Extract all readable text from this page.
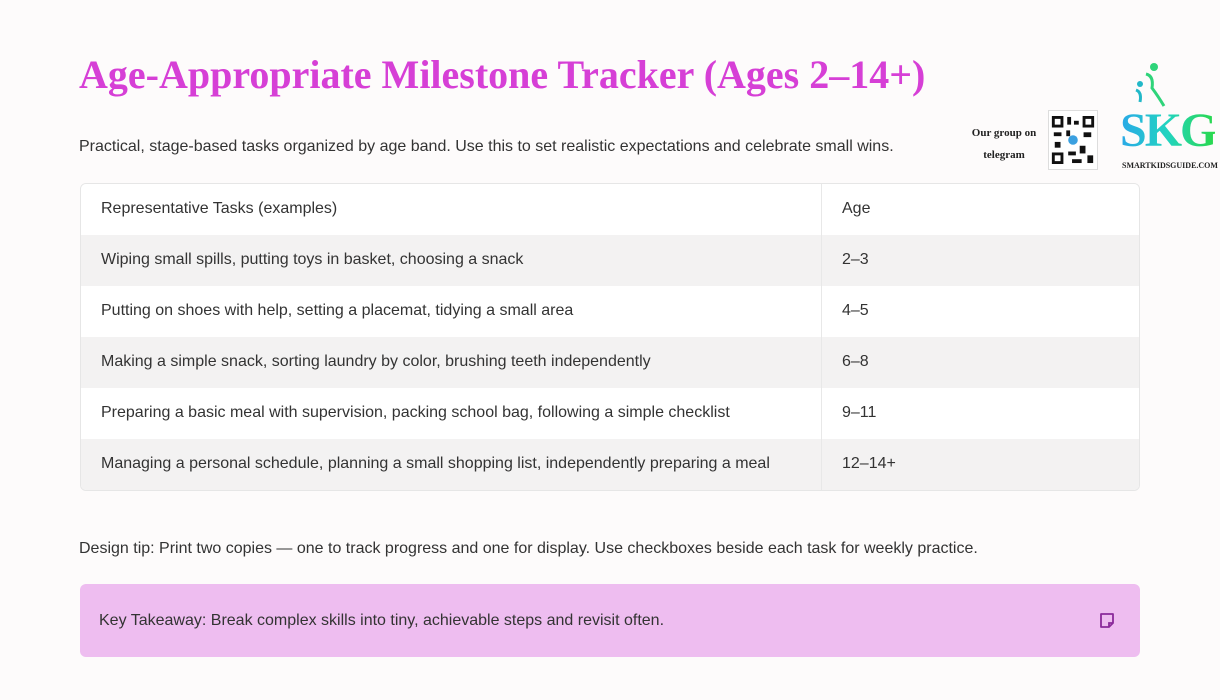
Age-Appropriate Milestone Tracker (Ages 2–14+)

Practical, stage-based tasks organized by age band. Use this to set realistic expectations and celebrate small wins.

Our group on
telegram	SKG
SMARTKIDSGUIDE.COM
Representative Tasks (examples)	Age
Wiping small spills, putting toys in basket, choosing a snack	2–3
Putting on shoes with help, setting a placemat, tidying a small area	4–5
Making a simple snack, sorting laundry by color, brushing teeth independently	6–8
Preparing a basic meal with supervision, packing school bag, following a simple checklist	9–11
Managing a personal schedule, planning a small shopping list, independently preparing a meal	12–14+

Design tip: Print two copies — one to track progress and one for display. Use checkboxes beside each task for weekly practice.

Key Takeaway: Break complex skills into tiny, achievable steps and revisit often.
